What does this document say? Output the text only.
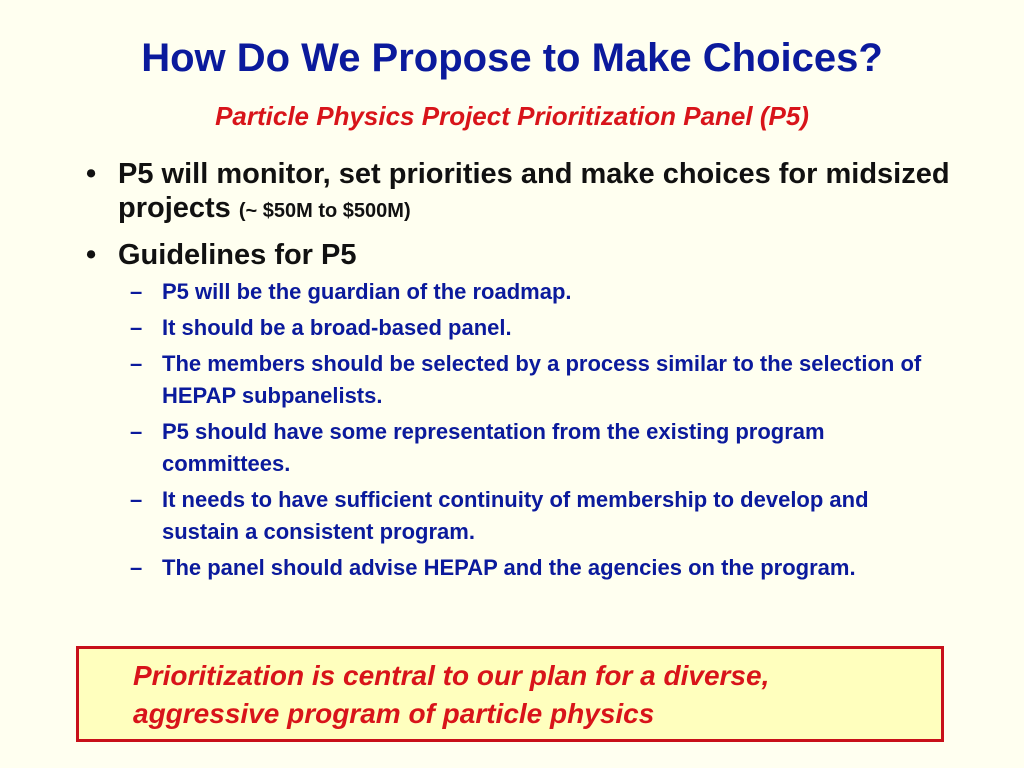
How Do We Propose to Make Choices?
Particle Physics Project Prioritization Panel (P5)
• P5 will monitor, set priorities and make choices for midsized projects (~ $50M to $500M)
• Guidelines for P5
– P5 will be the guardian of the roadmap.
– It should be a broad-based panel.
– The members should be selected by a process similar to the selection of HEPAP subpanelists.
– P5 should have some representation from the existing program committees.
– It needs to have sufficient continuity of membership to develop and sustain a consistent program.
– The panel should advise HEPAP and the agencies on the program.
Prioritization is central to our plan for a diverse, aggressive program of particle physics
